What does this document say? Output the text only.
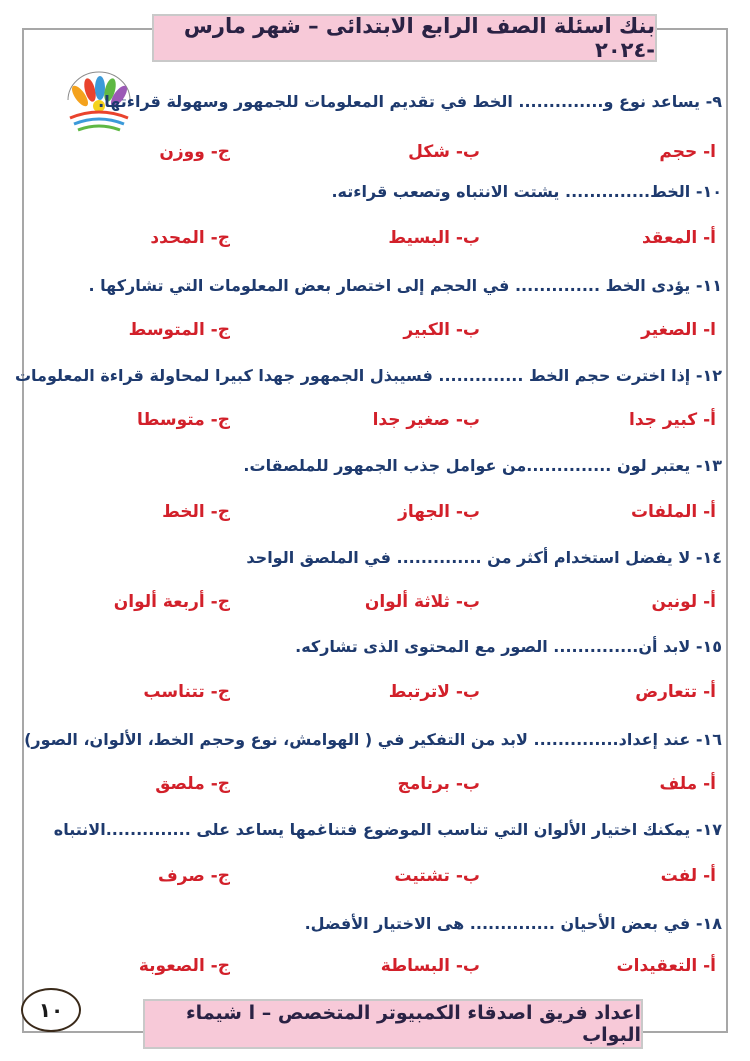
بنك اسئلة الصف الرابع الابتدائى – شهر مارس -٢٠٢٤
٩- يساعد نوع و.............. الخط في تقديم المعلومات للجمهور وسهولة قراءتها.
ا- حجم
ب- شكل
ج- ووزن
١٠- الخط.............. يشتت الانتباه وتصعب قراءته.
أ- المعقد
ب- البسيط
ج- المحدد
١١- يؤدى الخط .............. في الحجم إلى اختصار بعض المعلومات التي تشاركها .
ا- الصغير
ب- الكبير
ج- المتوسط
١٢- إذا اخترت حجم الخط .............. فسيبذل الجمهور جهدا كبيرا لمحاولة قراءة المعلومات
أ- كبير جدا
ب- صغير جدا
ج- متوسطا
١٣- يعتبر لون ..............من عوامل جذب الجمهور للملصقات.
أ- الملفات
ب- الجهاز
ج- الخط
١٤- لا يفضل استخدام أكثر من .............. في الملصق الواحد
أ- لونين
ب- ثلاثة ألوان
ج- أربعة ألوان
١٥- لابد أن.............. الصور مع المحتوى الذى تشاركه.
أ- تتعارض
ب- لاترتبط
ج- تتناسب
١٦- عند إعداد.............. لابد من التفكير في ( الهوامش، نوع وحجم الخط، الألوان، الصور)
أ- ملف
ب- برنامج
ج- ملصق
١٧- يمكنك اختيار الألوان التي تناسب الموضوع فتناغمها يساعد على ..............الانتباه
أ- لفت
ب- تشتيت
ج- صرف
١٨- في بعض الأحيان .............. هى الاختيار الأفضل.
أ- التعقيدات
ب- البساطة
ج- الصعوبة
١٠	اعداد فريق اصدقاء الكمبيوتر المتخصص – ا شيماء البواب
